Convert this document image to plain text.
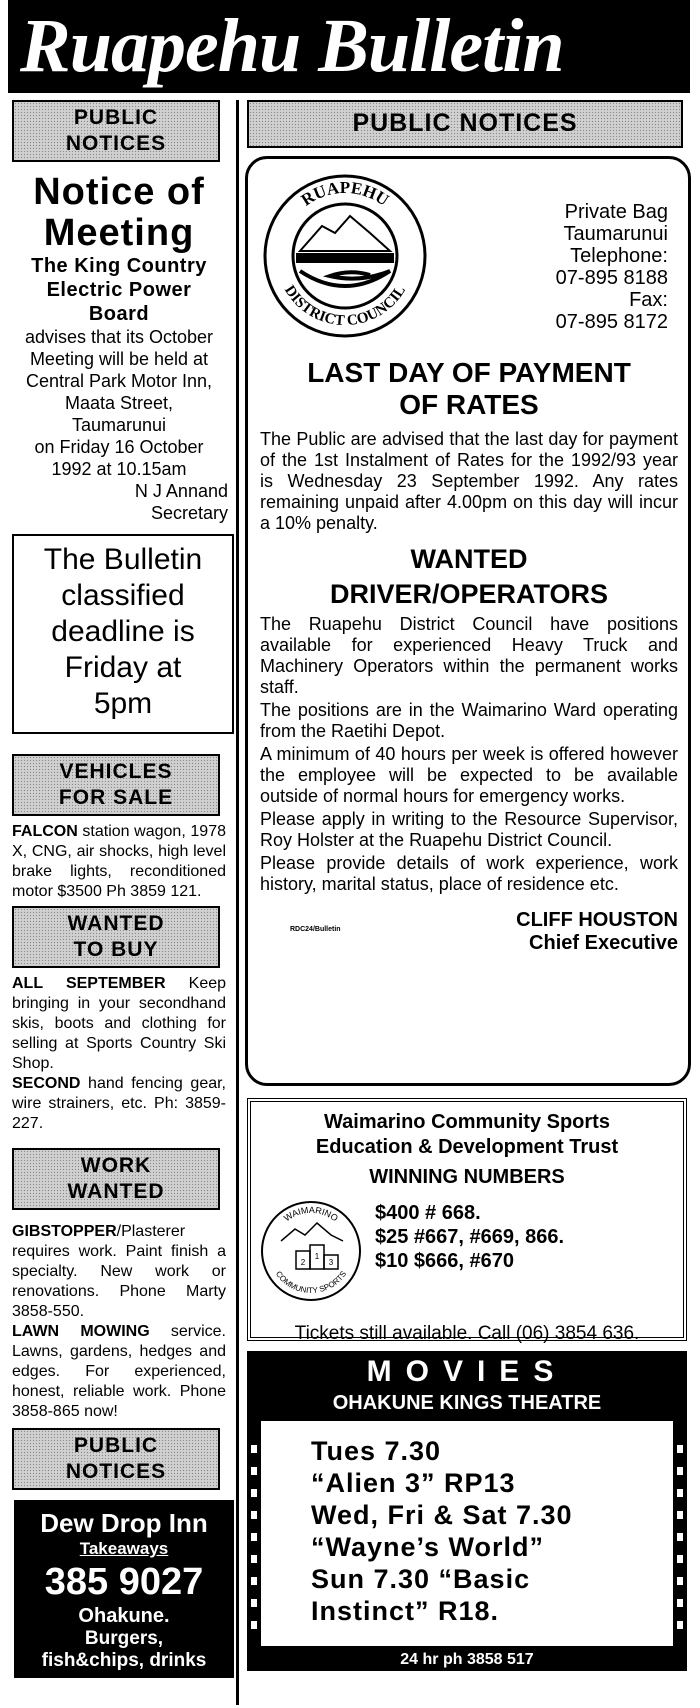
Ruapehu Bulletin
PUBLIC
NOTICES
Notice of
Meeting
The King Country
Electric Power
Board
advises that its October
Meeting will be held at
Central Park Motor Inn,
Maata Street,
Taumarunui
on Friday 16 October
1992 at 10.15am
N J Annand
Secretary
The Bulletin
classified
deadline is
Friday at
5pm
VEHICLES
FOR SALE
FALCON station wagon, 1978 X, CNG, air shocks, high level brake lights, reconditioned motor $3500 Ph 3859 121.
WANTED
TO BUY
ALL SEPTEMBER Keep bringing in your secondhand skis, boots and clothing for selling at Sports Country Ski Shop.
SECOND hand fencing gear, wire strainers, etc. Ph: 3859-227.
WORK
WANTED
GIBSTOPPER/Plasterer requires work. Paint finish a specialty. New work or renovations. Phone Marty 3858-550.
LAWN MOWING service. Lawns, gardens, hedges and edges. For experienced, honest, reliable work. Phone 3858-865 now!
PUBLIC
NOTICES
Dew Drop Inn
Takeaways
385 9027
Ohakune.
Burgers,
fish&chips, drinks
PUBLIC NOTICES
RUAPEHU
DISTRICT COUNCIL
Private Bag
Taumarunui
Telephone:
07-895 8188
Fax:
07-895 8172
LAST DAY OF PAYMENT
OF RATES

The Public are advised that the last day for payment of the 1st Instalment of Rates for the 1992/93 year is Wednesday 23 September 1992. Any rates remaining unpaid after 4.00pm on this day will incur a 10% penalty.

WANTED
DRIVER/OPERATORS

The Ruapehu District Council have positions available for experienced Heavy Truck and Machinery Operators within the permanent works staff.

The positions are in the Waimarino Ward operating from the Raetihi Depot.

A minimum of 40 hours per week is offered however the employee will be expected to be available outside of normal hours for emergency works.

Please apply in writing to the Resource Supervisor, Roy Holster at the Ruapehu District Council.

Please provide details of work experience, work history, marital status, place of residence etc.

RDC24/Bulletin	CLIFF HOUSTON
Chief Executive
Waimarino Community Sports
Education & Development Trust
WINNING NUMBERS
2
1
3
WAIMARINO
COMMUNITY SPORTS
$400 # 668.
$25 #667, #669, 866.
$10 $666, #670
Tickets still available. Call (06) 3854 636.
MOVIES
OHAKUNE KINGS THEATRE
Tues 7.30
“Alien 3” RP13
Wed, Fri & Sat 7.30
“Wayne’s World”
Sun 7.30 “Basic
Instinct” R18.
24 hr ph 3858 517
